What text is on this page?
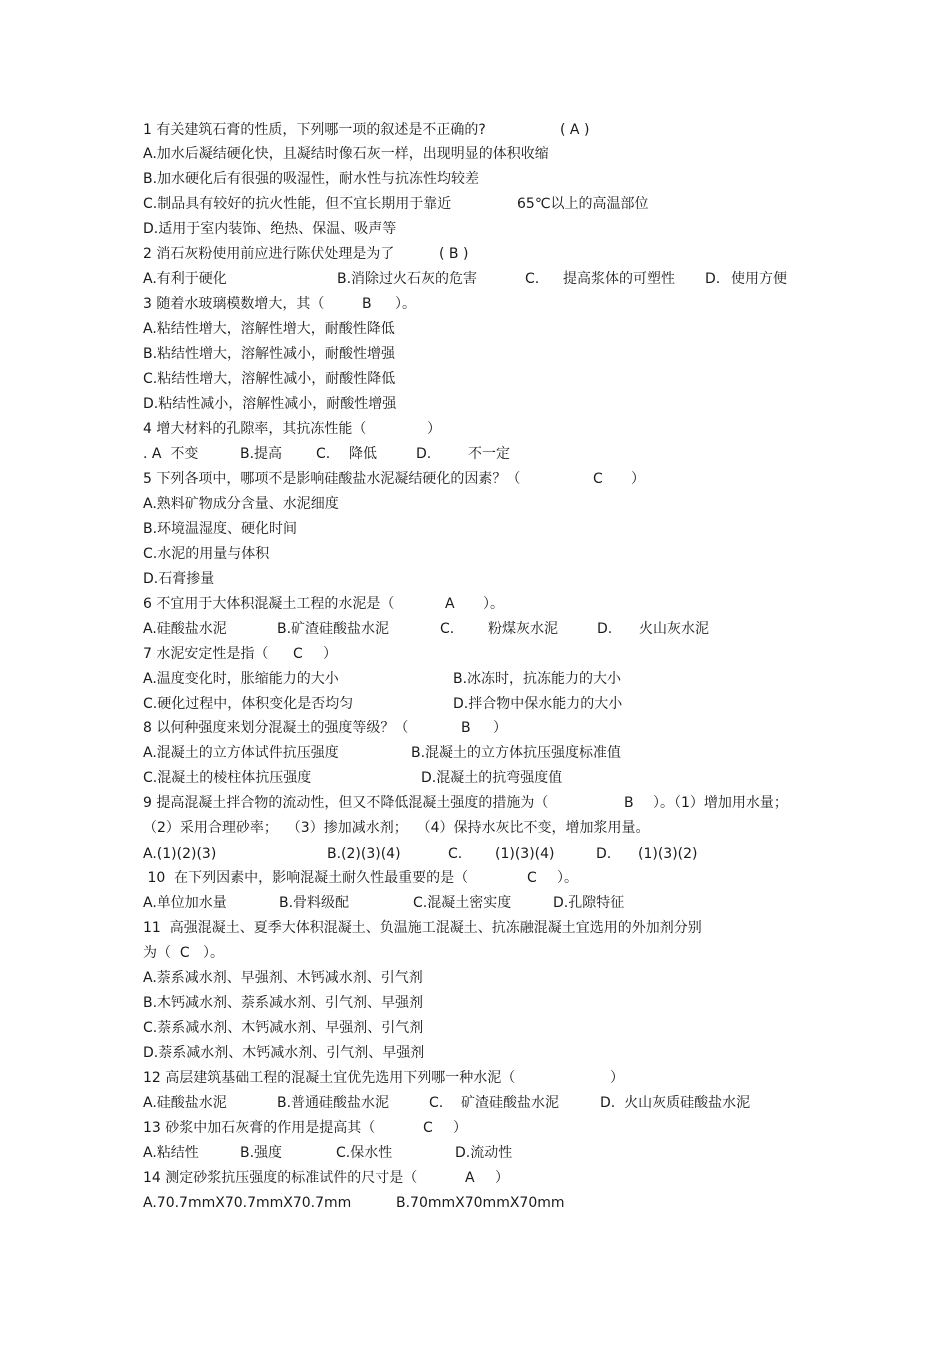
1 有关建筑石膏的性质，下列哪一项的叙述是不正确的?	( A )
A.加水后凝结硬化快，且凝结时像石灰一样，出现明显的体积收缩
B.加水硬化后有很强的吸湿性，耐水性与抗冻性均较差
C.制品具有较好的抗火性能，但不宜长期用于靠近	65℃以上的高温部位
D.适用于室内装饰、绝热、保温、吸声等
2 消石灰粉使用前应进行陈伏处理是为了	( B )
A.有利于硬化	B.消除过火石灰的危害	C. 提高浆体的可塑性 D. 使用方便
3 随着水玻璃模数增大，其（	B ）。
A.粘结性增大，溶解性增大，耐酸性降低
B.粘结性增大，溶解性减小，耐酸性增强
C.粘结性增大，溶解性减小，耐酸性降低
D.粘结性减小，溶解性减小，耐酸性增强
4 增大材料的孔隙率，其抗冻性能（	）
. A  不变	B.提高 C. 降低	D.	不一定
5 下列各项中，哪项不是影响硅酸盐水泥凝结硬化的因素？（	C ）
A.熟料矿物成分含量、水泥细度
B.环境温湿度、硬化时间
C.水泥的用量与体积
D.石膏掺量
6 不宜用于大体积混凝土工程的水泥是（	A ）。
A.硅酸盐水泥	B.矿渣硅酸盐水泥	C. 粉煤灰水泥	D. 火山灰水泥
7 水泥安定性是指（ C ）
A.温度变化时，胀缩能力的大小	B.冰冻时，抗冻能力的大小
C.硬化过程中，体积变化是否均匀	D.拌合物中保水能力的大小
8 以何种强度来划分混凝土的强度等级？（	B ）
A.混凝土的立方体试件抗压强度	B.混凝土的立方体抗压强度标准值
C.混凝土的棱柱体抗压强度	D.混凝土的抗弯强度值
9 提高混凝土拌合物的流动性，但又不降低混凝土强度的措施为（	B ）。（1）增加用水量；
（2）采用合理砂率；  （3）掺加减水剂；  （4）保持水灰比不变，增加浆用量。
A.(1)(2)(3)	B.(2)(3)(4)	C. (1)(3)(4)	D. (1)(3)(2)
10  在下列因素中，影响混凝土耐久性最重要的是（	C ）。
A.单位加水量	B.骨料级配	C.混凝土密实度	D.孔隙特征
11  高强混凝土、夏季大体积混凝土、负温施工混凝土、抗冻融混凝土宜选用的外加剂分别
为（  C   ）。
A.萘系减水剂、早强剂、木钙减水剂、引气剂
B.木钙减水剂、萘系减水剂、引气剂、早强剂
C.萘系减水剂、木钙减水剂、早强剂、引气剂
D.萘系减水剂、木钙减水剂、引气剂、早强剂
12 高层建筑基础工程的混凝土宜优先选用下列哪一种水泥（	）
A.硅酸盐水泥	B.普通硅酸盐水泥	C. 矿渣硅酸盐水泥	D.  火山灰质硅酸盐水泥
13 砂浆中加石灰膏的作用是提高其（	C ）
A.粘结性	B.强度	C.保水性	D.流动性
14 测定砂浆抗压强度的标准试件的尺寸是（	A ）
A.70.7mmX70.7mmX70.7mm	B.70mmX70mmX70mm
